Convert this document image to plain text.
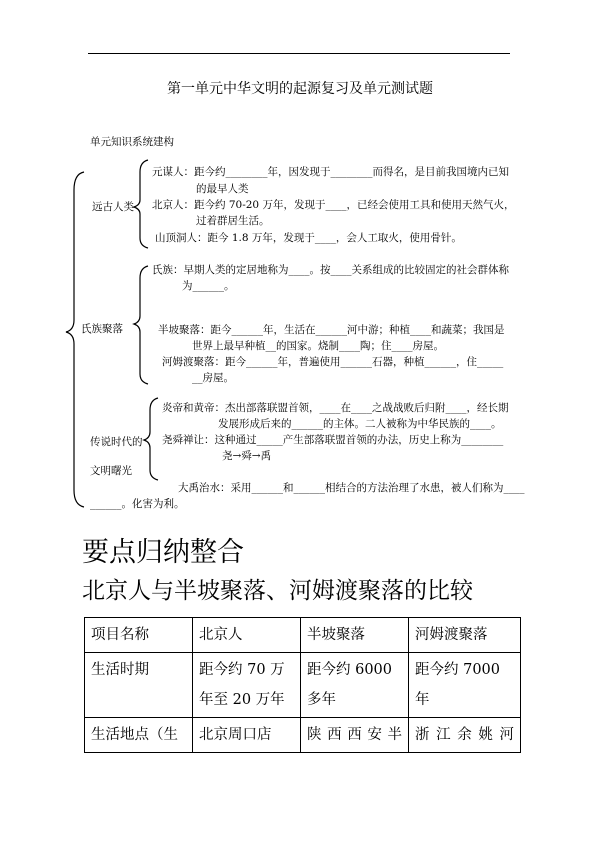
第一单元中华文明的起源复习及单元测试题
单元知识系统建构
远古人类
氏族聚落
传说时代的
文明曙光
元谋人：距今约________年，因发现于________而得名，是目前我国境内已知
的最早人类
北京人：距今约 70-20 万年，发现于____，已经会使用工具和使用天然气火，
过着群居生活。
山顶洞人：距今 1.8 万年，发现于____，会人工取火，使用骨针。
氏族：早期人类的定居地称为____。按____关系组成的比较固定的社会群体称
为______。
半坡聚落：距今______年，生活在______河中游；种植____和蔬菜；我国是
世界上最早种植__的国家。烧制____陶；住____房屋。
河姆渡聚落：距今______年，普遍使用______石器，种植______，住_____
__房屋。
炎帝和黄帝：杰出部落联盟首领，____在____之战战败后归附____，经长期
发展形成后来的______的主体。二人被称为中华民族的____。
尧舜禅让：这种通过_____产生部落联盟首领的办法，历史上称为________
尧→舜→禹
大禹治水：采用______和______相结合的方法治理了水患，被人们称为____
______。化害为利。
要点归纳整合
北京人与半坡聚落、河姆渡聚落的比较
项目名称	北京人	半坡聚落	河姆渡聚落
生活时期	距今约 70 万年至 20 万年	距今约 6000 多年	距今约 7000 年
生活地点（生	北京周口店	陕西西安半	浙江余姚河
